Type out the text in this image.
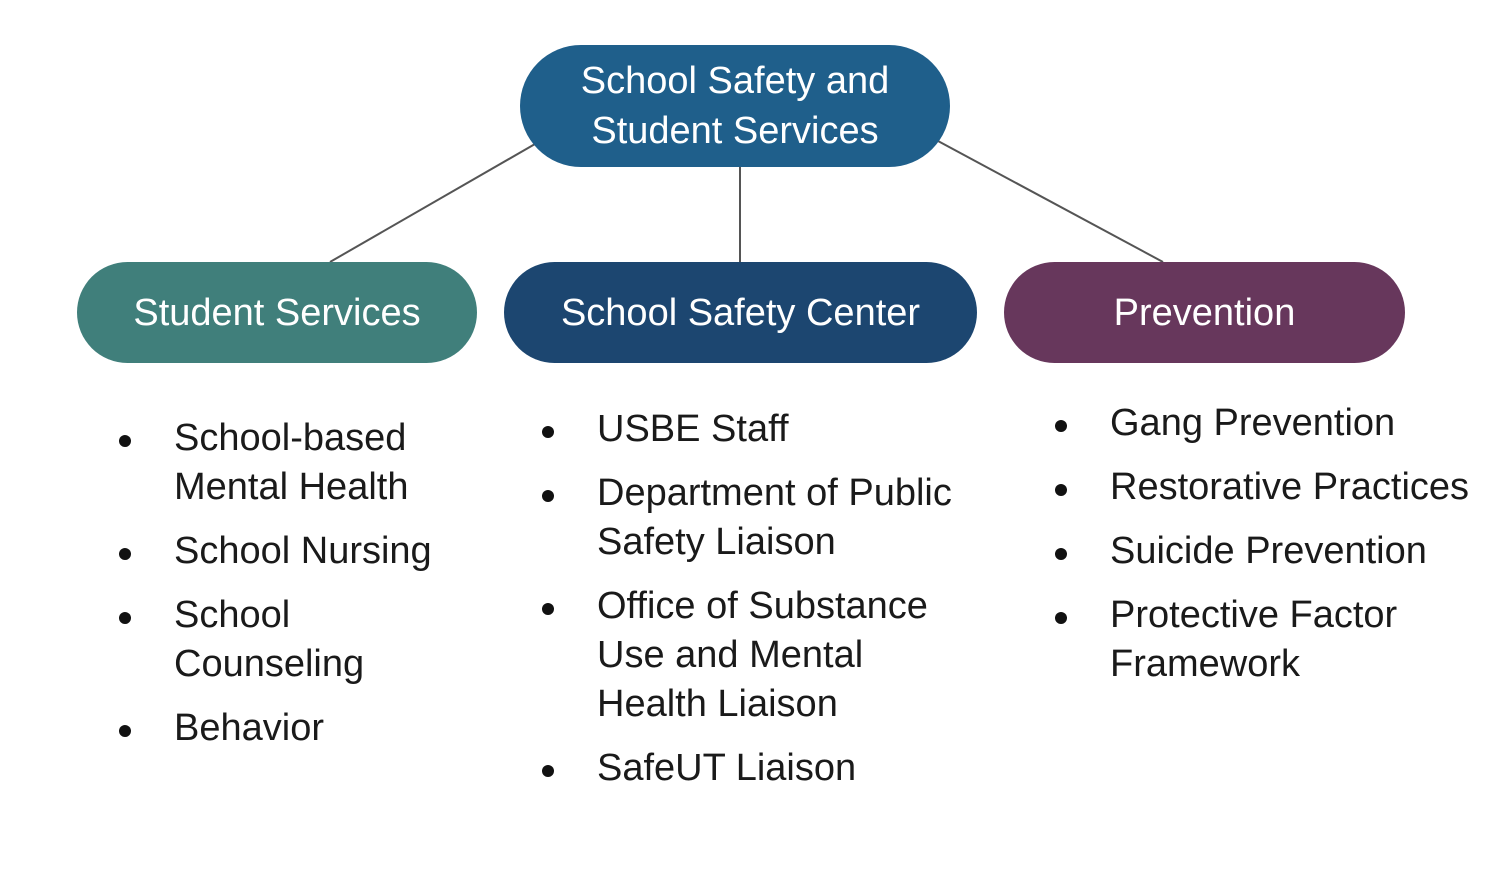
School Safety and
Student Services
Student Services	School Safety Center	Prevention
School-based Mental Health
School Nursing
School Counseling
Behavior
USBE Staff
Department of Public Safety Liaison
Office of Substance Use and Mental Health Liaison
SafeUT Liaison
Gang Prevention
Restorative Practices
Suicide Prevention
Protective Factor Framework
